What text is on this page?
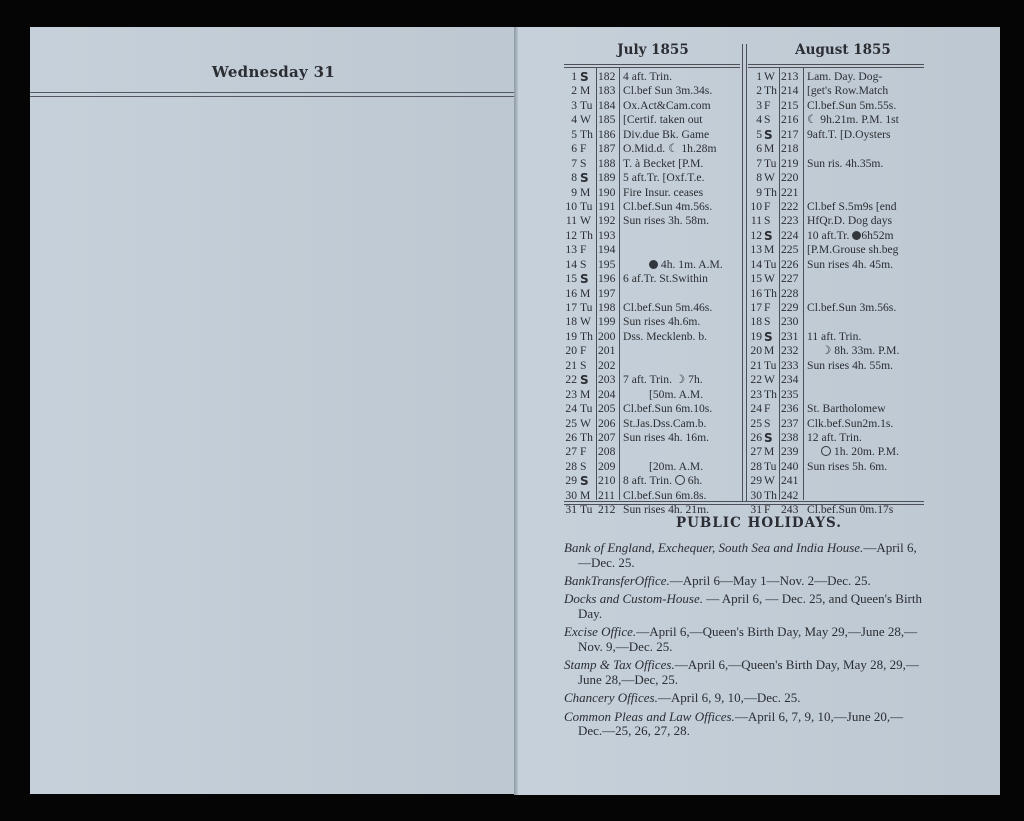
Wednesday 31
July 1855	August 1855
1 S 182 4 aft. Trin.
2 M 183 Cl.bef Sun 3m.34s.
3 Tu 184 Ox.Act&Cam.com
4 W 185 [Certif. taken out
5 Th 186 Div.due Bk. Game
6 F 187 O.Mid.d. ☾ 1h.28m
7 S 188 T. à Becket [P.M.
8 S 189 5 aft.Tr. [Oxf.T.e.
9 M 190 Fire Insur. ceases
10 Tu 191 Cl.bef.Sun 4m.56s.
11 W 192 Sun rises 3h. 58m.
12 Th 193
13 F 194
14 S 195	4h. 1m. A.M.
15 S 196 6 af.Tr. St.Swithin
16 M 197
17 Tu 198 Cl.bef.Sun 5m.46s.
18 W 199 Sun rises 4h.6m.
19 Th 200 Dss. Mecklenb. b.
20 F 201
21 S 202
22 S 203 7 aft. Trin. ☽ 7h.
23 M 204	[50m. A.M.
24 Tu 205 Cl.bef.Sun 6m.10s.
25 W 206 St.Jas.Dss.Cam.b.
26 Th 207 Sun rises 4h. 16m.
27 F 208
28 S 209	[20m. A.M.
29 S 210 8 aft. Trin.  6h.
30 M 211 Cl.bef.Sun 6m.8s.
31 Tu 212 Sun rises 4h. 21m.
1 W 213 Lam. Day. Dog-
2 Th 214 [get's Row.Match
3 F 215 Cl.bef.Sun 5m.55s.
4 S 216 ☾ 9h.21m. P.M. 1st
5 S 217 9aft.T. [D.Oysters
6 M 218
7 Tu 219 Sun ris. 4h.35m.
8 W 220
9 Th 221
10 F 222 Cl.bef S.5m9s [end
11 S 223 HfQr.D. Dog days
12 S 224 10 aft.Tr. 6h52m
13 M 225 [P.M.Grouse sh.beg
14 Tu 226 Sun rises 4h. 45m.
15 W 227
16 Th 228
17 F 229 Cl.bef.Sun 3m.56s.
18 S 230
19 S 231 11 aft. Trin.
20 M 232 ☽ 8h. 33m. P.M.
21 Tu 233 Sun rises 4h. 55m.
22 W 234
23 Th 235
24 F 236 St. Bartholomew
25 S 237 Clk.bef.Sun2m.1s.
26 S 238 12 aft. Trin.
27 M 239	1h. 20m. P.M.
28 Tu 240 Sun rises 5h. 6m.
29 W 241
30 Th 242
31 F 243 Cl.bef.Sun 0m.17s
PUBLIC HOLIDAYS.
Bank of England, Exchequer, South Sea and India House.—April 6,—Dec. 25.
BankTransferOffice.—April 6—May 1—Nov. 2—Dec. 25.
Docks and Custom-House. — April 6, — Dec. 25, and Queen's Birth Day.
Excise Office.—April 6,—Queen's Birth Day, May 29,—June 28,—Nov. 9,—Dec. 25.
Stamp & Tax Offices.—April 6,—Queen's Birth Day, May 28, 29,—June 28,—Dec, 25.
Chancery Offices.—April 6, 9, 10,—Dec. 25.
Common Pleas and Law Offices.—April 6, 7, 9, 10,—June 20,—Dec.—25, 26, 27, 28.
